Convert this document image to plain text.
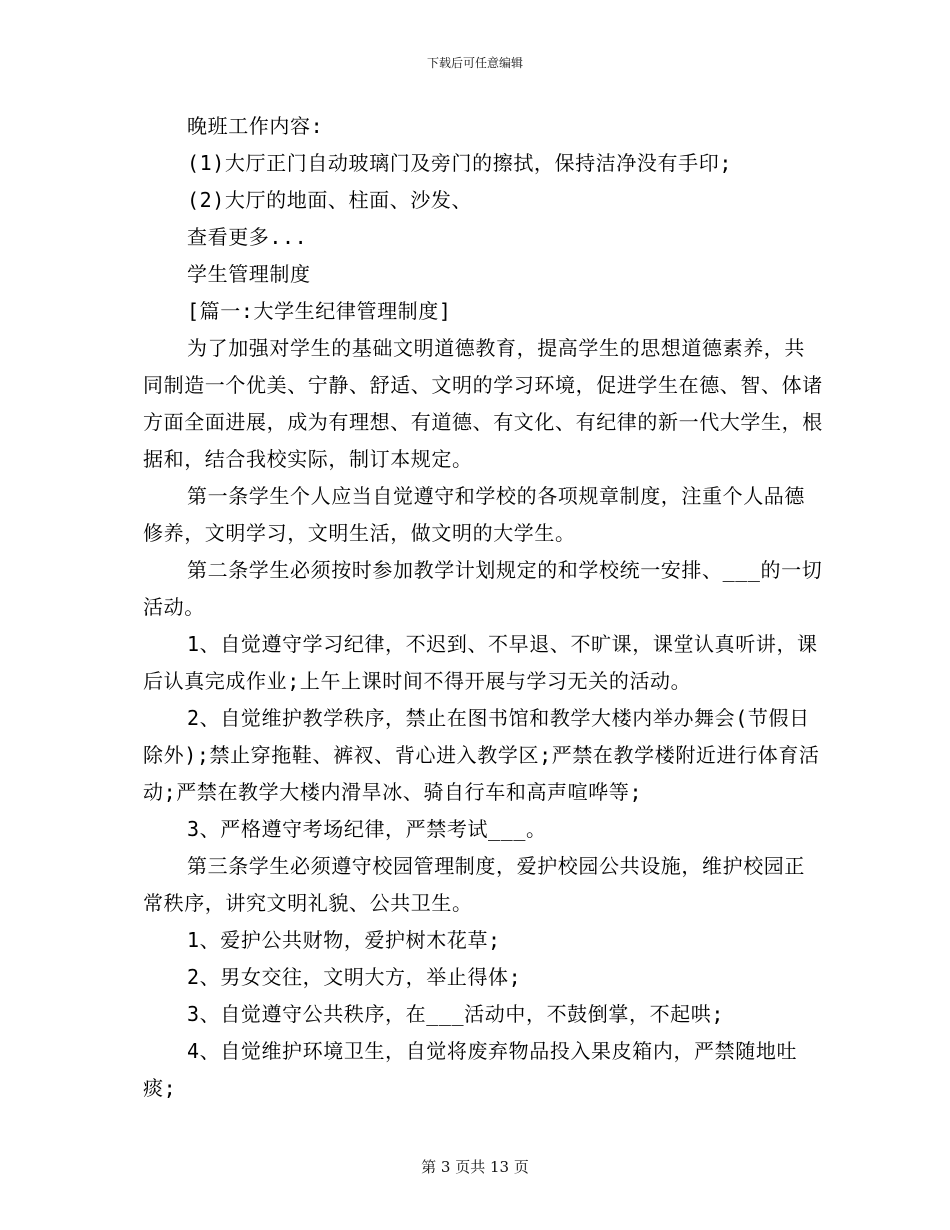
下载后可任意编辑

晚班工作内容:

(1)大厅正门自动玻璃门及旁门的擦拭，保持洁净没有手印;

(2)大厅的地面、柱面、沙发、

查看更多...

学生管理制度

[篇一:大学生纪律管理制度]

为了加强对学生的基础文明道德教育，提高学生的思想道德素养，共同制造一个优美、宁静、舒适、文明的学习环境，促进学生在德、智、体诸方面全面进展，成为有理想、有道德、有文化、有纪律的新一代大学生，根据和，结合我校实际，制订本规定。

第一条学生个人应当自觉遵守和学校的各项规章制度，注重个人品德修养，文明学习，文明生活，做文明的大学生。

第二条学生必须按时参加教学计划规定的和学校统一安排、___的一切活动。

1、自觉遵守学习纪律，不迟到、不早退、不旷课，课堂认真听讲，课后认真完成作业;上午上课时间不得开展与学习无关的活动。

2、自觉维护教学秩序，禁止在图书馆和教学大楼内举办舞会(节假日除外);禁止穿拖鞋、裤衩、背心进入教学区;严禁在教学楼附近进行体育活动;严禁在教学大楼内滑旱冰、骑自行车和高声喧哗等;

3、严格遵守考场纪律，严禁考试___。

第三条学生必须遵守校园管理制度，爱护校园公共设施，维护校园正常秩序，讲究文明礼貌、公共卫生。

1、爱护公共财物，爱护树木花草;

2、男女交往，文明大方，举止得体;

3、自觉遵守公共秩序，在___活动中，不鼓倒掌，不起哄;

4、自觉维护环境卫生，自觉将废弃物品投入果皮箱内，严禁随地吐痰;

第 3 页共 13 页
